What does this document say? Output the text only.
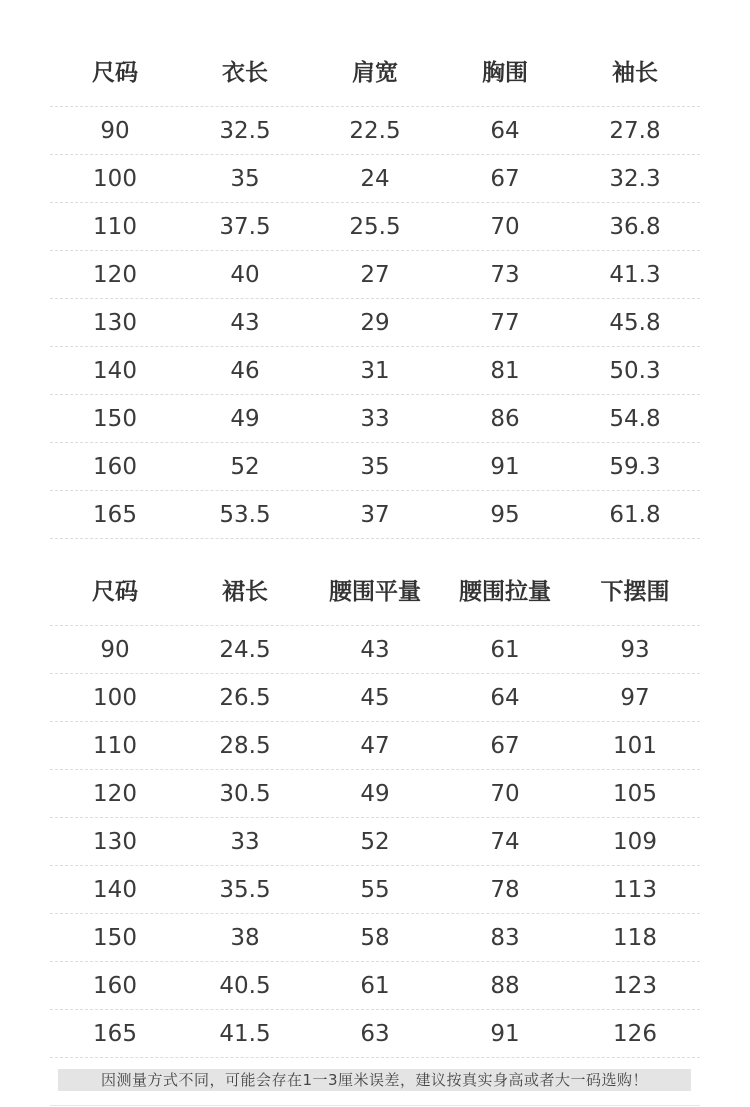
尺码	衣长	肩宽	胸围	袖长
90	32.5	22.5	64	27.8
100	35	24	67	32.3
110	37.5	25.5	70	36.8
120	40	27	73	41.3
130	43	29	77	45.8
140	46	31	81	50.3
150	49	33	86	54.8
160	52	35	91	59.3
165	53.5	37	95	61.8
尺码	裙长	腰围平量	腰围拉量	下摆围
90	24.5	43	61	93
100	26.5	45	64	97
110	28.5	47	67	101
120	30.5	49	70	105
130	33	52	74	109
140	35.5	55	78	113
150	38	58	83	118
160	40.5	61	88	123
165	41.5	63	91	126
因测量方式不同，可能会存在1一3厘米误差，建议按真实身高或者大一码选购！
